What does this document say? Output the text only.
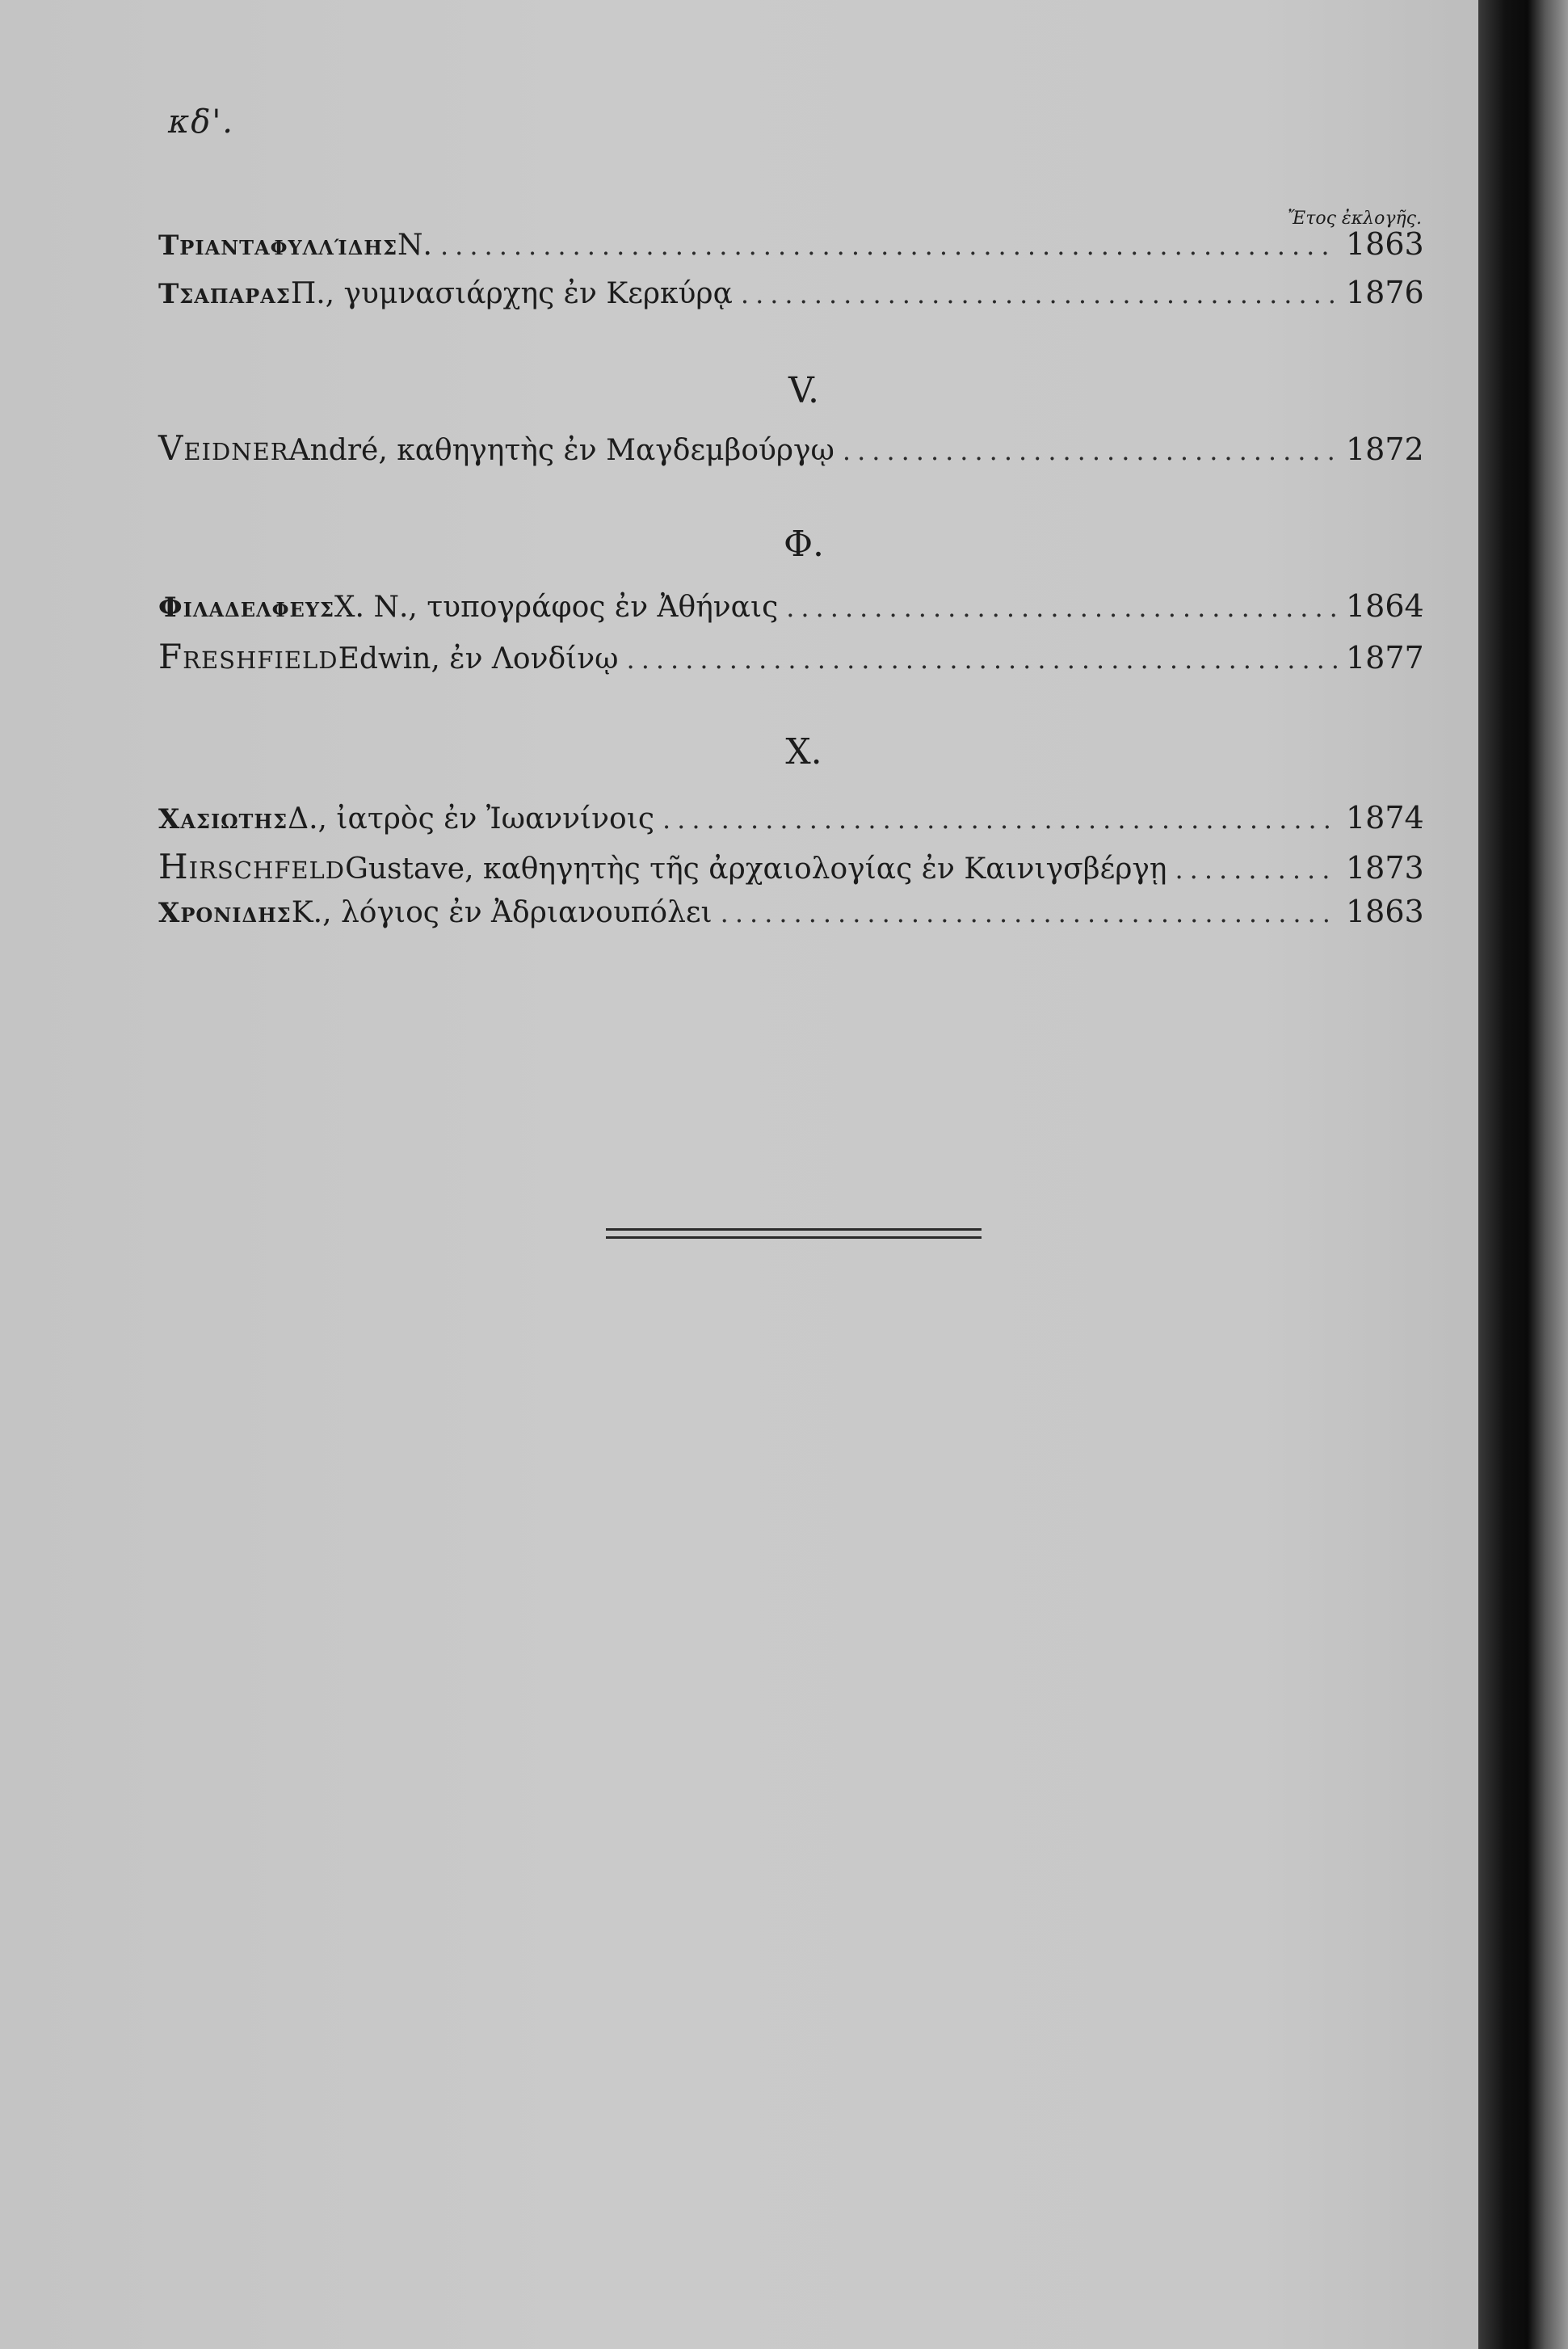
κδ'.
Ἔτος ἐκλογῆς.
Τριανταφυλλίδης Ν. .....	1863
Τσαπαρας Π., γυμνασιάρχης ἐν Κερκύρᾳ .....	1876
V.
Veidner André, καθηγητὴς ἐν Μαγδεμβούργῳ .....	1872
Φ.
Φιλαδελφευς Χ. Ν., τυπογράφος ἐν Ἀθήναις .....	1864
Freshfield Edwin, ἐν Λονδίνῳ .....	1877
Χ.
Χασιωτης Δ., ἰατρὸς ἐν Ἰωαννίνοις .....	1874
Hirschfeld Gustave, καθηγητὴς τῆς ἀρχαιολογίας ἐν Καινιγσβέργῃ .....	1873
Χρονιδης Κ., λόγιος ἐν Ἀδριανουπόλει .....	1863
